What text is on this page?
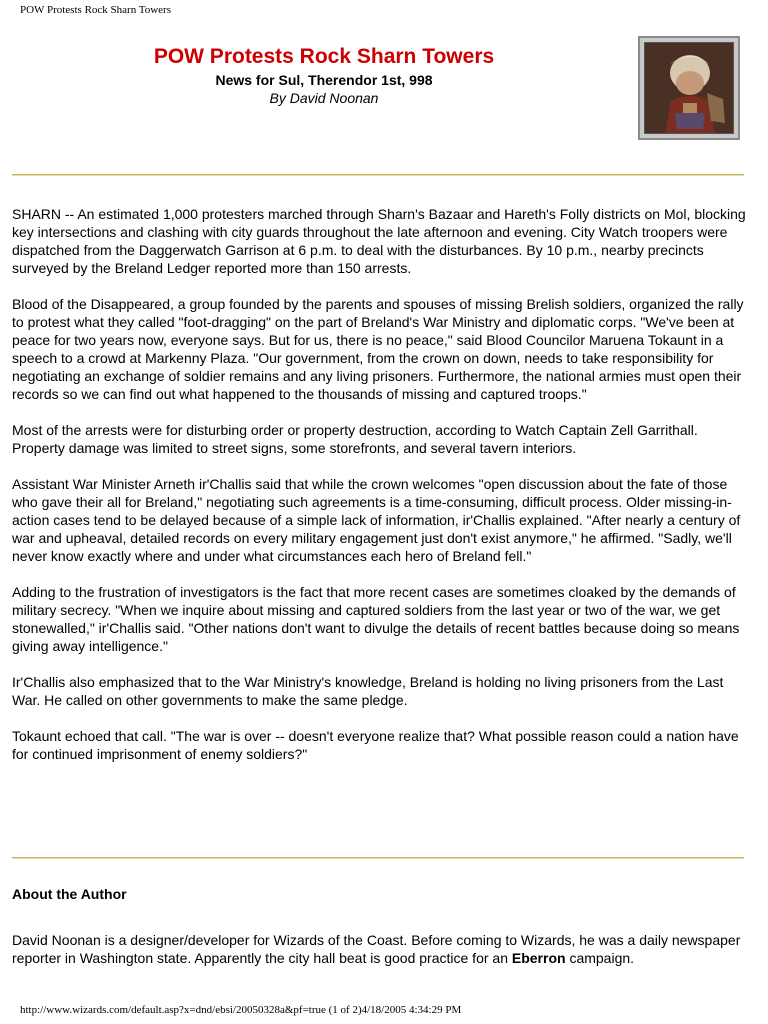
POW Protests Rock Sharn Towers
POW Protests Rock Sharn Towers
News for Sul, Therendor 1st, 998
By David Noonan

SHARN -- An estimated 1,000 protesters marched through Sharn's Bazaar and Hareth's Folly districts on Mol, blocking key intersections and clashing with city guards throughout the late afternoon and evening. City Watch troopers were dispatched from the Daggerwatch Garrison at 6 p.m. to deal with the disturbances. By 10 p.m., nearby precincts surveyed by the Breland Ledger reported more than 150 arrests.

Blood of the Disappeared, a group founded by the parents and spouses of missing Brelish soldiers, organized the rally to protest what they called "foot-dragging" on the part of Breland's War Ministry and diplomatic corps. "We've been at peace for two years now, everyone says. But for us, there is no peace," said Blood Councilor Maruena Tokaunt in a speech to a crowd at Markenny Plaza. "Our government, from the crown on down, needs to take responsibility for negotiating an exchange of soldier remains and any living prisoners. Furthermore, the national armies must open their records so we can find out what happened to the thousands of missing and captured troops."

Most of the arrests were for disturbing order or property destruction, according to Watch Captain Zell Garrithall. Property damage was limited to street signs, some storefronts, and several tavern interiors.

Assistant War Minister Arneth ir'Challis said that while the crown welcomes "open discussion about the fate of those who gave their all for Breland," negotiating such agreements is a time-consuming, difficult process. Older missing-in-action cases tend to be delayed because of a simple lack of information, ir'Challis explained. "After nearly a century of war and upheaval, detailed records on every military engagement just don't exist anymore," he affirmed. "Sadly, we'll never know exactly where and under what circumstances each hero of Breland fell."

Adding to the frustration of investigators is the fact that more recent cases are sometimes cloaked by the demands of military secrecy. "When we inquire about missing and captured soldiers from the last year or two of the war, we get stonewalled," ir'Challis said. "Other nations don't want to divulge the details of recent battles because doing so means giving away intelligence."

Ir'Challis also emphasized that to the War Ministry's knowledge, Breland is holding no living prisoners from the Last War. He called on other governments to make the same pledge.

Tokaunt echoed that call. "The war is over -- doesn't everyone realize that? What possible reason could a nation have for continued imprisonment of enemy soldiers?"

About the Author
David Noonan is a designer/developer for Wizards of the Coast. Before coming to Wizards, he was a daily newspaper reporter in Washington state. Apparently the city hall beat is good practice for an Eberron campaign.
http://www.wizards.com/default.asp?x=dnd/ebsi/20050328a&pf=true (1 of 2)4/18/2005 4:34:29 PM
